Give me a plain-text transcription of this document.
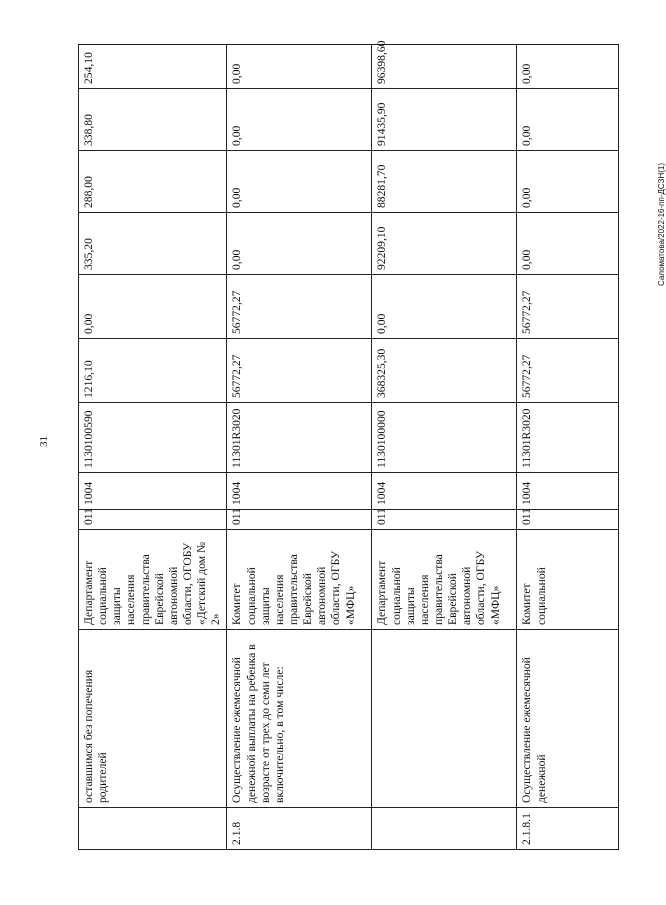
31
Саломатова/2022-16-пп-ДСЗН(1)
	оставшимся без попечения родителей	Департамент социальной защиты населения правительства Еврейской автономной области, ОГОБУ «Детский дом № 2»	011	1004	1130100590	1216,10	0,00	335,20	288,00	338,80	254,10
2.1.8	Осуществление ежемесячной денежной выплаты на ребенка в возрасте от трех до семи лет включительно, в том числе:	Комитет социальной защиты населения правительства Еврейской автономной области, ОГБУ «МФЦ»	011	1004	11301R3020	56772,27	56772,27	0,00	0,00	0,00	0,00
		Департамент социальной защиты населения правительства Еврейской автономной области, ОГБУ «МФЦ»	011	1004	1130100000	368325,30	0,00	92209,10	88281,70	91435,90	96398,60
2.1.8.1	Осуществление ежемесячной денежной	Комитет социальной	011	1004	11301R3020	56772,27	56772,27	0,00	0,00	0,00	0,00
